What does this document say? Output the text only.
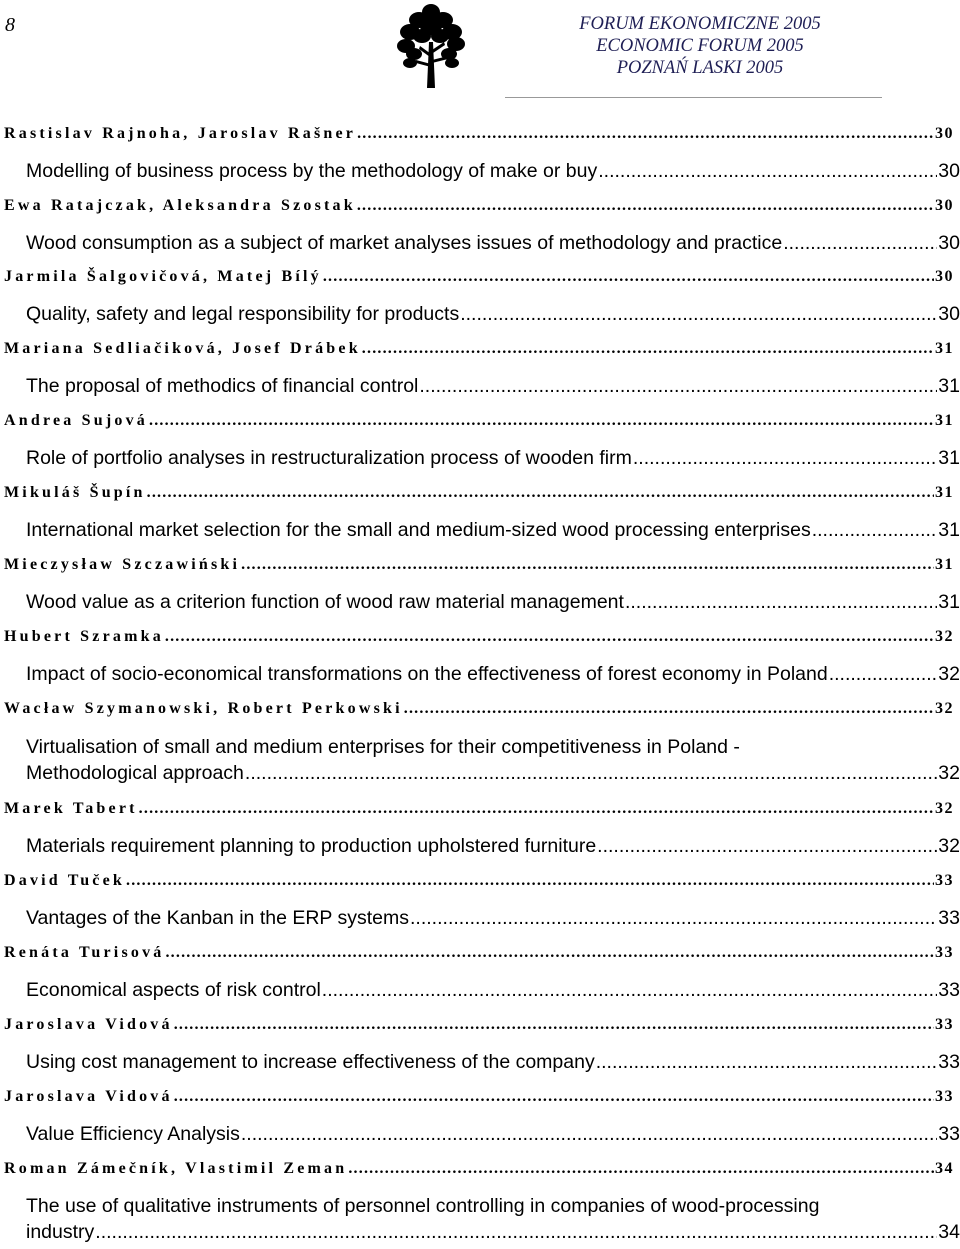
8	FORUM EKONOMICZNE 2005
ECONOMIC FORUM 2005
POZNAŃ LASKI 2005
Rastislav Rajnoha, Jaroslav Rašner .....	30
Modelling of business process by the methodology of make or buy .....	30
Ewa Ratajczak, Aleksandra Szostak .....	30
Wood consumption as a subject of market analyses issues of methodology and practice .....	30
Jarmila Šalgovičová, Matej Bílý .....	30
Quality, safety and legal responsibility for products .....	30
Mariana Sedliačiková, Josef Drábek .....	31
The proposal of methodics of financial control .....	31
Andrea Sujová .....	31
Role of portfolio analyses in restructuralization process of wooden firm .....	31
Mikuláš Šupín .....	31
International market selection for the small and medium-sized wood processing enterprises .....	31
Mieczysław Szczawiński .....	31
Wood value as a criterion function of wood raw material management .....	31
Hubert Szramka .....	32
Impact of socio-economical transformations on the effectiveness of forest economy in Poland .....	32
Wacław Szymanowski, Robert Perkowski .....	32
Virtualisation of small and medium enterprises for their competitiveness in Poland -
Methodological approach .....	32
Marek Tabert .....	32
Materials requirement planning to production upholstered furniture .....	32
David Tuček .....	33
Vantages of the Kanban in the ERP systems .....	33
Renáta Turisová .....	33
Economical aspects of risk control .....	33
Jaroslava Vidová .....	33
Using cost management to increase effectiveness of the company .....	33
Jaroslava Vidová .....	33
Value Efficiency Analysis .....	33
Roman Zámečník, Vlastimil Zeman .....	34
The use of qualitative instruments of personnel controlling in companies of wood-processing
industry .....	34
